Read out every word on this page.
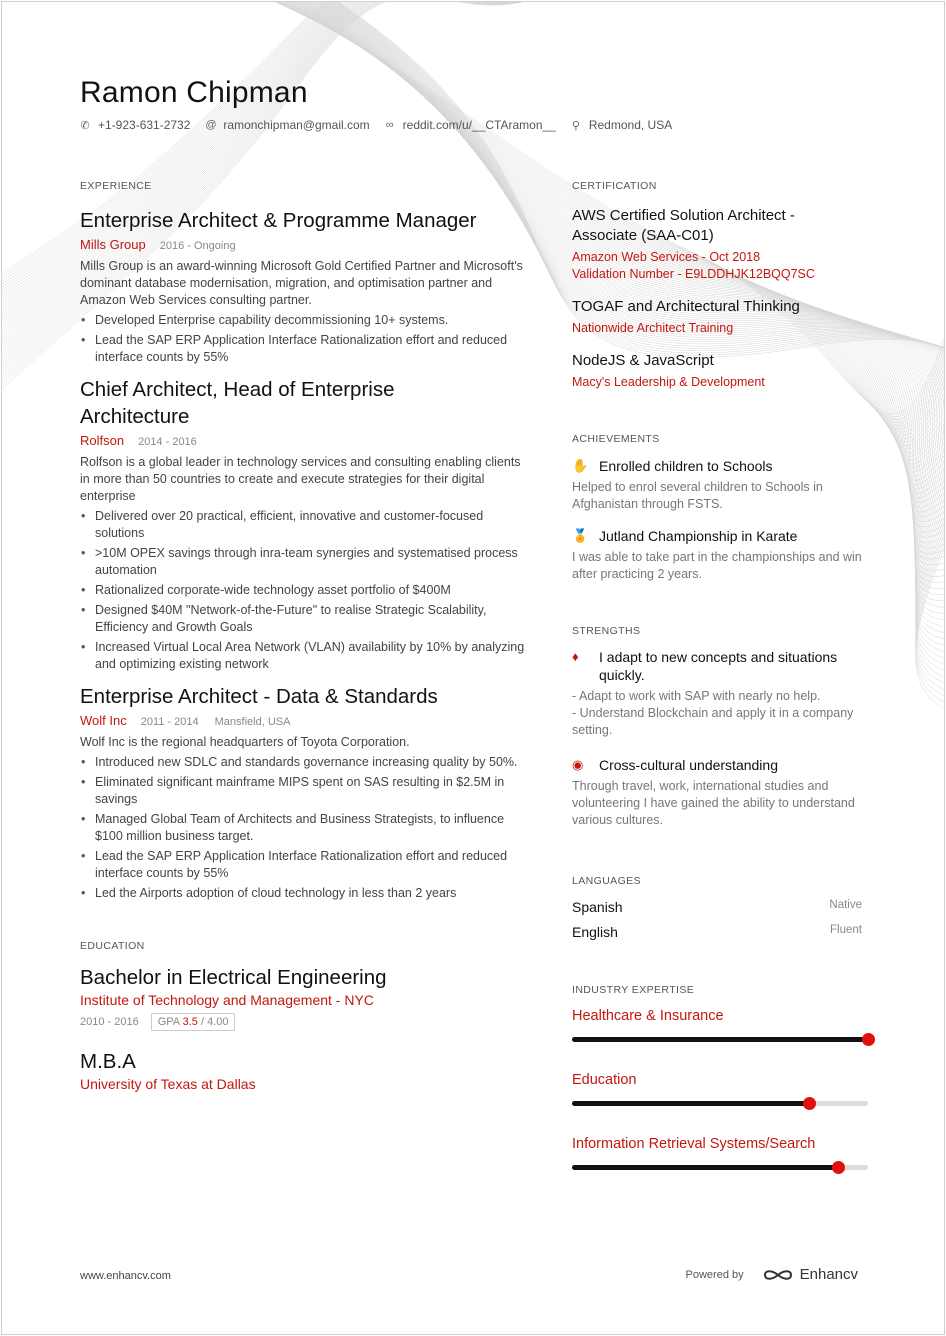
Ramon Chipman
✆ +1-923-631-2732 @ ramonchipman@gmail.com ∞ reddit.com/u/__CTAramon__ ⚲ Redmond, USA
EXPERIENCE
Enterprise Architect & Programme Manager
Mills Group 2016 - Ongoing
Mills Group is an award-winning Microsoft Gold Certified Partner and Microsoft's dominant database modernisation, migration, and optimisation partner and Amazon Web Services consulting partner.
• Developed Enterprise capability decommissioning 10+ systems.
• Lead the SAP ERP Application Interface Rationalization effort and reduced interface counts by 55%
Chief Architect, Head of Enterprise Architecture
Rolfson 2014 - 2016
Rolfson is a global leader in technology services and consulting enabling clients in more than 50 countries to create and execute strategies for their digital enterprise
• Delivered over 20 practical, efficient, innovative and customer-focused solutions
• >10M OPEX savings through inra-team synergies and systematised process automation
• Rationalized corporate-wide technology asset portfolio of $400M
• Designed $40M "Network-of-the-Future" to realise Strategic Scalability, Efficiency and Growth Goals
• Increased Virtual Local Area Network (VLAN) availability by 10% by analyzing and optimizing existing network
Enterprise Architect - Data & Standards
Wolf Inc 2011 - 2014 Mansfield, USA
Wolf Inc is the regional headquarters of Toyota Corporation.
• Introduced new SDLC and standards governance increasing quality by 50%.
• Eliminated significant mainframe MIPS spent on SAS resulting in $2.5M in savings
• Managed Global Team of Architects and Business Strategists, to influence $100 million business target.
• Lead the SAP ERP Application Interface Rationalization effort and reduced interface counts by 55%
• Led the Airports adoption of cloud technology in less than 2 years
EDUCATION
Bachelor in Electrical Engineering
Institute of Technology and Management - NYC
2010 - 2016	GPA 3.5 / 4.00
M.B.A
University of Texas at Dallas
CERTIFICATION
AWS Certified Solution Architect - Associate (SAA-C01)
Amazon Web Services - Oct 2018
Validation Number - E9LDDHJK12BQQ7SC
TOGAF and Architectural Thinking
Nationwide Architect Training
NodeJS & JavaScript
Macy's Leadership & Development
ACHIEVEMENTS
✋ Enrolled children to Schools
Helped to enrol several children to Schools in Afghanistan through FSTS.
🏅 Jutland Championship in Karate
I was able to take part in the championships and win after practicing 2 years.
STRENGTHS
♦	I adapt to new concepts and situations quickly.
- Adapt to work with SAP with nearly no help.
- Understand Blockchain and apply it in a company setting.
◉	Cross-cultural understanding
Through travel, work, international studies and volunteering I have gained the ability to understand various cultures.
LANGUAGES
Spanish	Native
English	Fluent
INDUSTRY EXPERTISE
Healthcare & Insurance
Education
Information Retrieval Systems/Search
www.enhancv.com	Powered by	Enhancv
